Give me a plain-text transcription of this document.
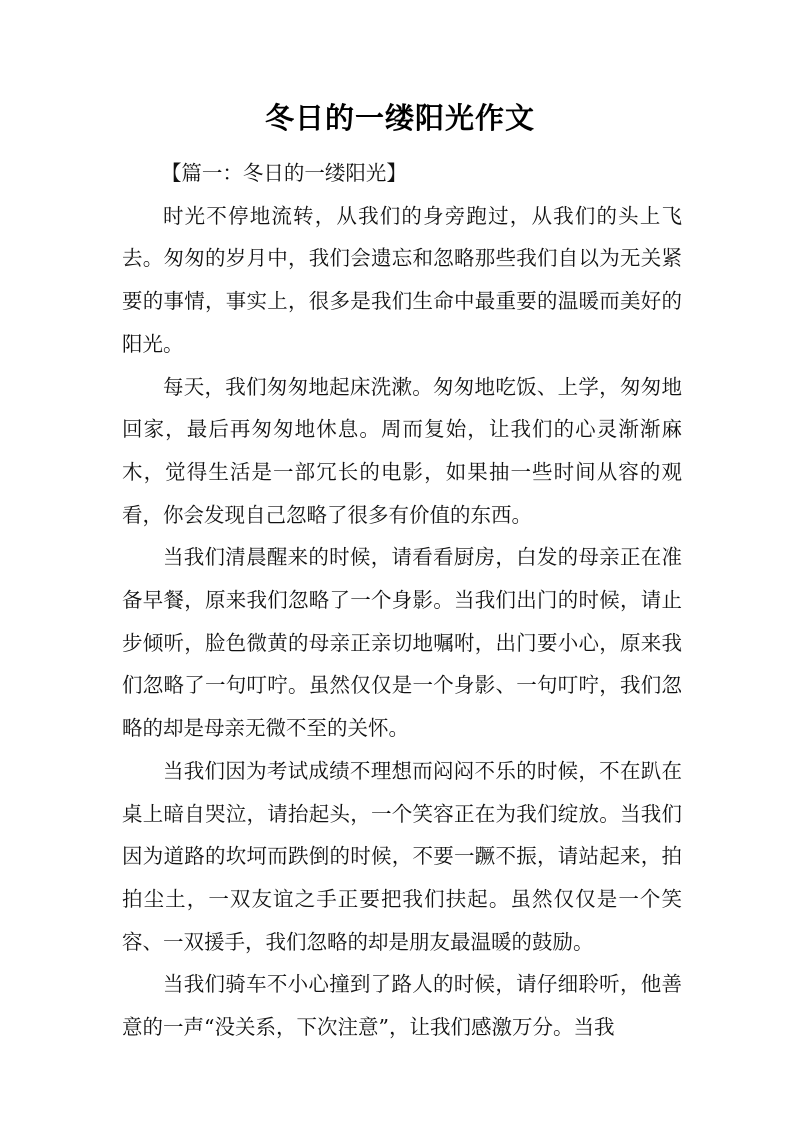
冬日的一缕阳光作文

【篇一：冬日的一缕阳光】

时光不停地流转，从我们的身旁跑过，从我们的头上飞去。匆匆的岁月中，我们会遗忘和忽略那些我们自以为无关紧要的事情，事实上，很多是我们生命中最重要的温暖而美好的阳光。

每天，我们匆匆地起床洗漱。匆匆地吃饭、上学，匆匆地回家，最后再匆匆地休息。周而复始，让我们的心灵渐渐麻木，觉得生活是一部冗长的电影，如果抽一些时间从容的观看，你会发现自己忽略了很多有价值的东西。

当我们清晨醒来的时候，请看看厨房，白发的母亲正在准备早餐，原来我们忽略了一个身影。当我们出门的时候，请止步倾听，脸色微黄的母亲正亲切地嘱咐，出门要小心，原来我们忽略了一句叮咛。虽然仅仅是一个身影、一句叮咛，我们忽略的却是母亲无微不至的关怀。

当我们因为考试成绩不理想而闷闷不乐的时候，不在趴在桌上暗自哭泣，请抬起头，一个笑容正在为我们绽放。当我们因为道路的坎坷而跌倒的时候，不要一蹶不振，请站起来，拍拍尘土，一双友谊之手正要把我们扶起。虽然仅仅是一个笑容、一双援手，我们忽略的却是朋友最温暖的鼓励。

当我们骑车不小心撞到了路人的时候，请仔细聆听，他善意的一声“没关系，下次注意”，让我们感激万分。当我
